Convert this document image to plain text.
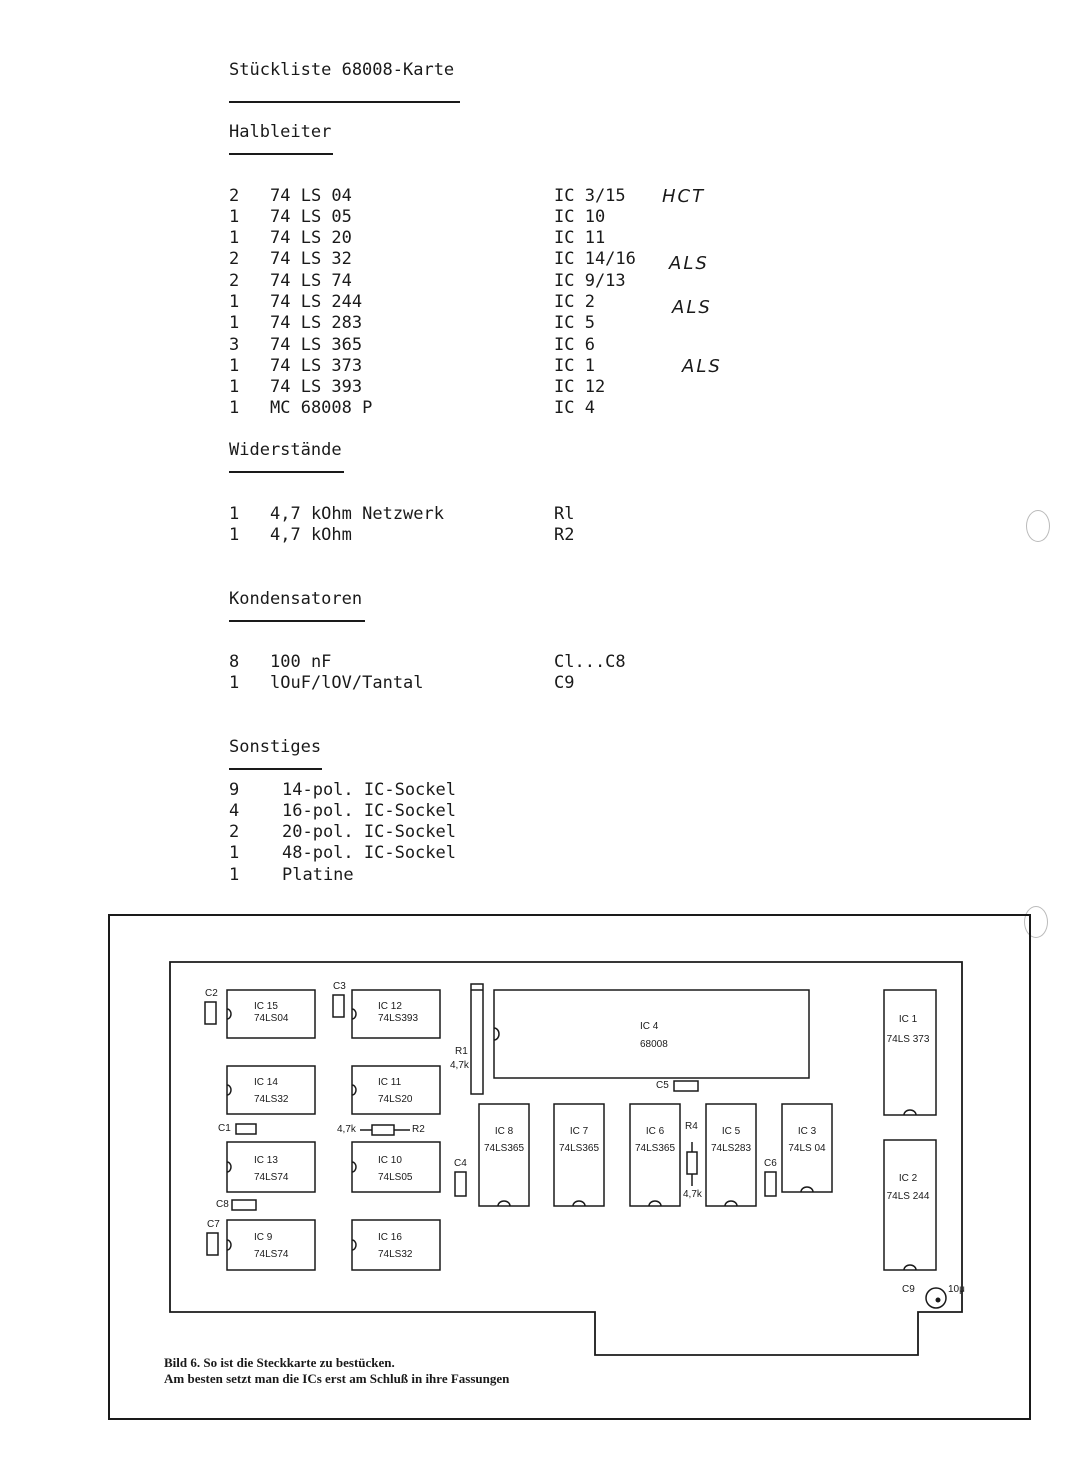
Stückliste 68008-Karte
Halbleiter
2 74 LS 04	IC 3/15 HCT
1 74 LS 05	IC 10
1 74 LS 20	IC 11
2 74 LS 32	IC 14/16 ALS
2 74 LS 74	IC 9/13
1 74 LS 244	IC 2	ALS
1 74 LS 283	IC 5
3 74 LS 365	IC 6
1 74 LS 373	IC 1	ALS
1 74 LS 393	IC 12
1 MC 68008 P	IC 4
Widerstände
1 4,7 kOhm Netzwerk	Rl
1 4,7 kOhm	R2
Kondensatoren
8 100 nF	Cl...C8
1 lOuF/lOV/Tantal	C9
Sonstiges
9	14-pol. IC-Sockel
4	16-pol. IC-Sockel
2	20-pol. IC-Sockel
1	48-pol. IC-Sockel
1	Platine
IC 15
74LS04
IC 12
74LS393
IC 4
68008
IC 1
74LS 373
IC 14
74LS32
IC 11
74LS20
IC 13
74LS74
IC 10
74LS05
IC 9
74LS74
IC 16
74LS32
IC 8
74LS365
IC 7
74LS365
IC 6
74LS365
IC 5
74LS283
IC 3
74LS 04
IC 2
74LS 244
C2
C3
C1
C8
C7
C4
C5
C6
C9	10μ
R1
4,7k
4,7k	R2	R4
4,7k
Bild 6. So ist die Steckkarte zu bestücken.
Am besten setzt man die ICs erst am Schluß in ihre Fassungen
